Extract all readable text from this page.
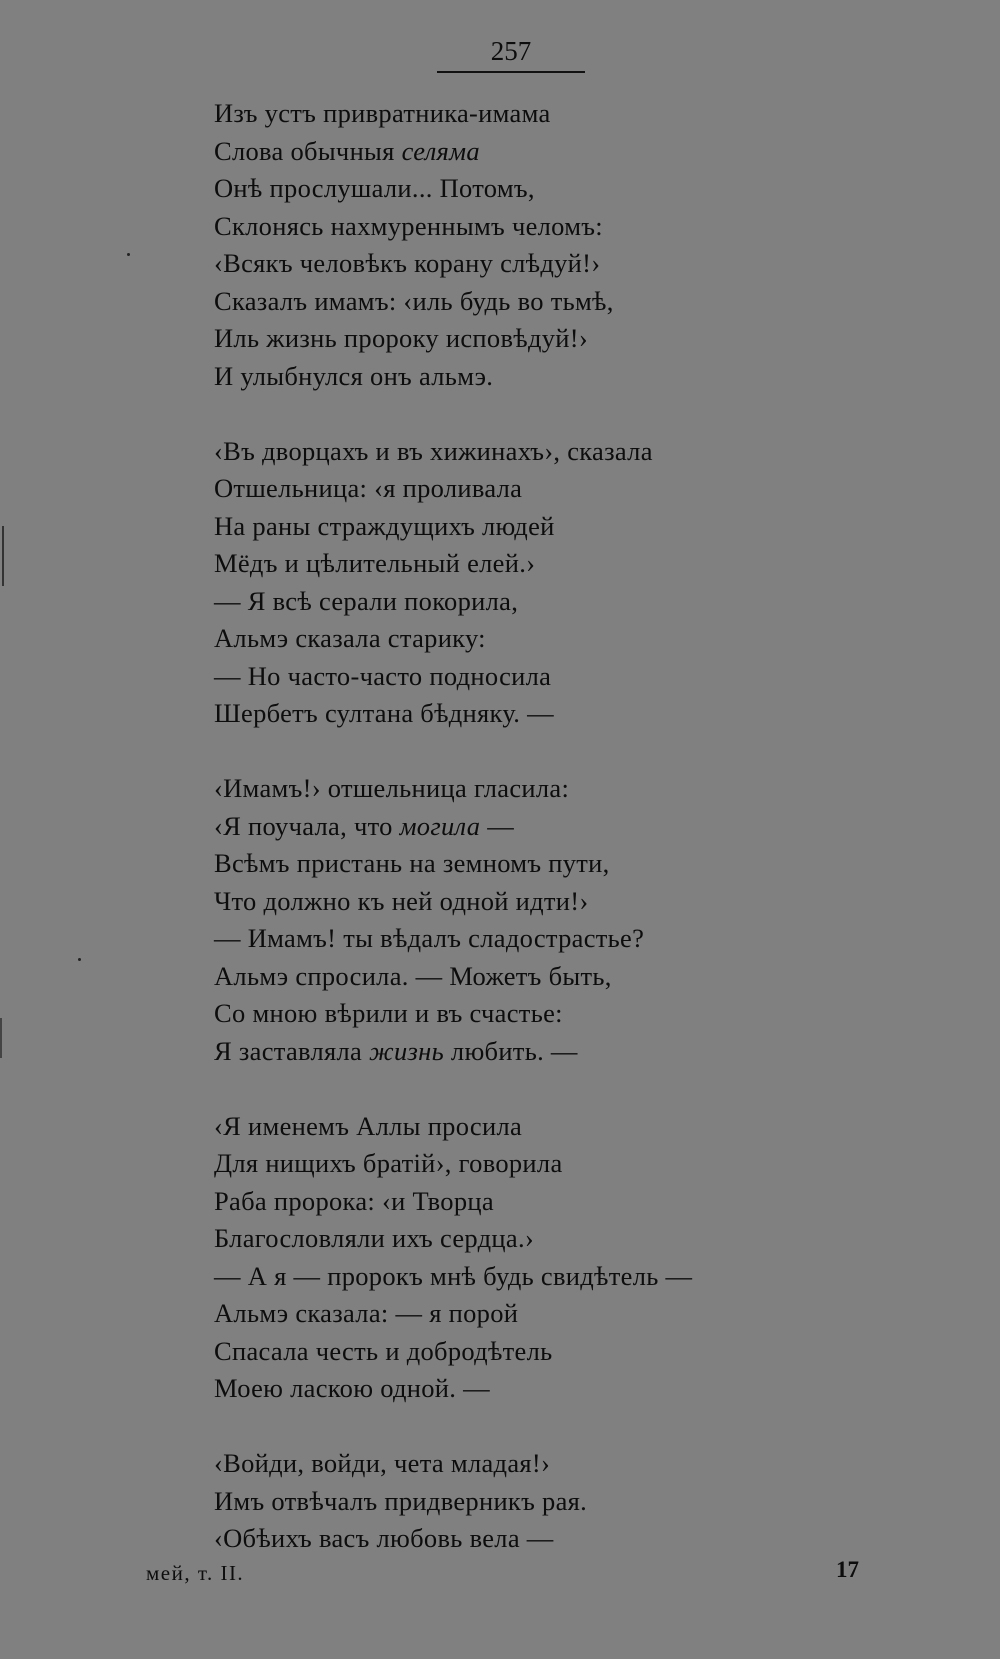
257
Изъ устъ привратника-имама
Слова обычныя селяма
Онѣ прослушали... Потомъ,
Склонясь нахмуреннымъ челомъ:
‹Всякъ человѣкъ корану слѣдуй!›
Сказалъ имамъ: ‹иль будь во тьмѣ,
Иль жизнь пророку исповѣдуй!›
И улыбнулся онъ альмэ.
‹Въ дворцахъ и въ хижинахъ›, сказала
Отшельница: ‹я проливала
На раны страждущихъ людей
Мёдъ и цѣлительный елей.›
— Я всѣ серали покорила,
Альмэ сказала старику:
— Но часто-часто подносила
Шербетъ султана бѣдняку. —
‹Имамъ!› отшельница гласила:
‹Я поучала, что могила —
Всѣмъ пристань на земномъ пути,
Что должно къ ней одной идти!›
— Имамъ! ты вѣдалъ сладострастье?
Альмэ спросила. — Можетъ быть,
Со мною вѣрили и въ счастье:
Я заставляла жизнь любить. —
‹Я именемъ Аллы просила
Для нищихъ братій›, говорила
Раба пророка: ‹и Творца
Благословляли ихъ сердца.›
— А я — пророкъ мнѣ будь свидѣтель —
Альмэ сказала: — я порой
Спасала честь и добродѣтель
Моею ласкою одной. —
‹Войди, войди, чета младая!›
Имъ отвѣчалъ придверникъ рая.
‹Обѣихъ васъ любовь вела —
мей, т. II.	17
